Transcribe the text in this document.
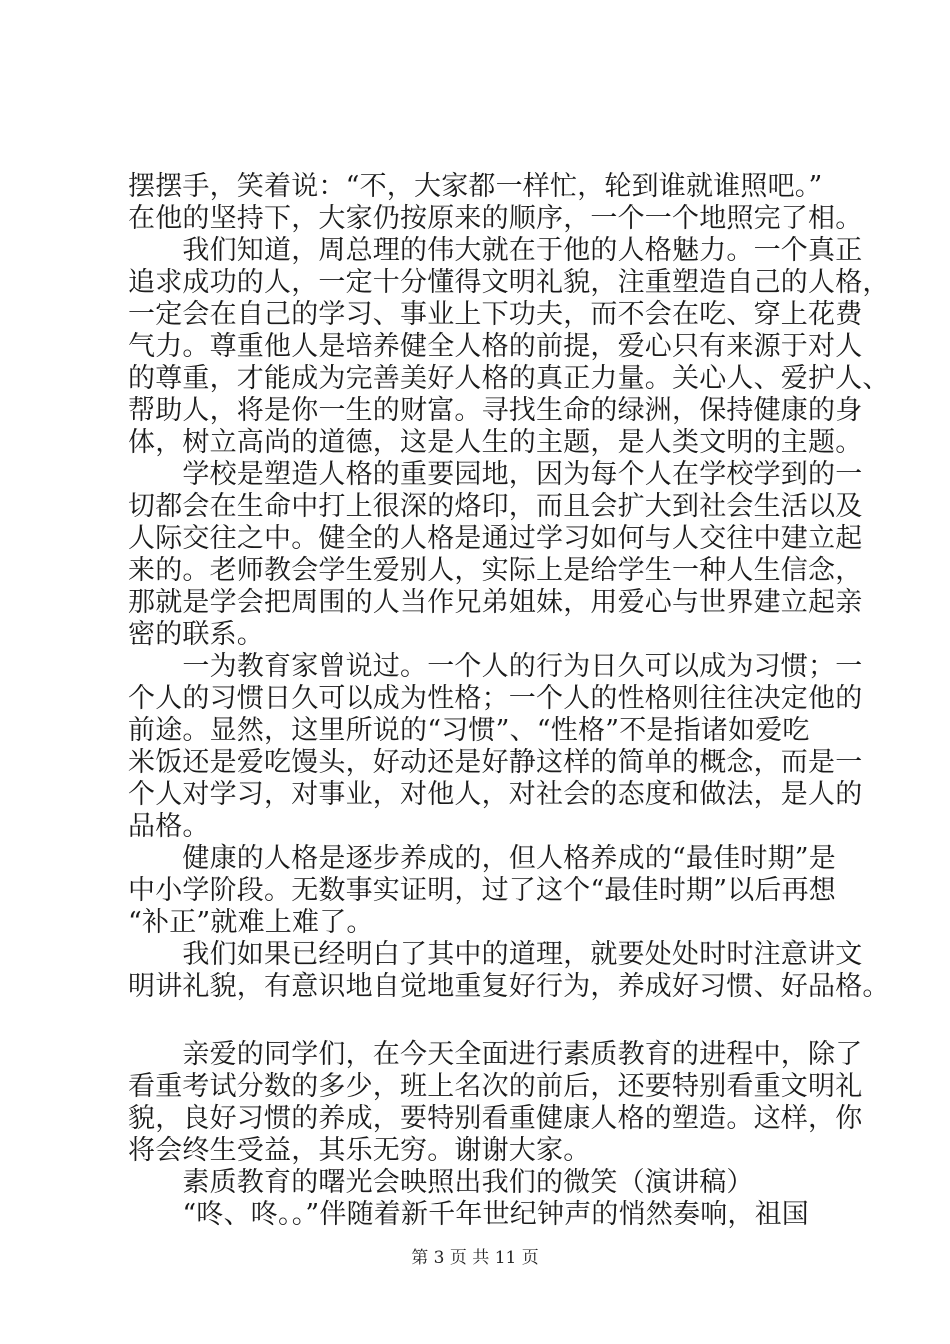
摆摆手，笑着说：“不，大家都一样忙，轮到谁就谁照吧。”
在他的坚持下，大家仍按原来的顺序，一个一个地照完了相。
　　我们知道，周总理的伟大就在于他的人格魅力。一个真正
追求成功的人，一定十分懂得文明礼貌，注重塑造自己的人格，
一定会在自己的学习、事业上下功夫，而不会在吃、穿上花费
气力。尊重他人是培养健全人格的前提，爱心只有来源于对人
的尊重，才能成为完善美好人格的真正力量。关心人、爱护人、
帮助人，将是你一生的财富。寻找生命的绿洲，保持健康的身
体，树立高尚的道德，这是人生的主题，是人类文明的主题。
　　学校是塑造人格的重要园地，因为每个人在学校学到的一
切都会在生命中打上很深的烙印，而且会扩大到社会生活以及
人际交往之中。健全的人格是通过学习如何与人交往中建立起
来的。老师教会学生爱别人，实际上是给学生一种人生信念，
那就是学会把周围的人当作兄弟姐妹，用爱心与世界建立起亲
密的联系。
　　一为教育家曾说过。一个人的行为日久可以成为习惯；一
个人的习惯日久可以成为性格；一个人的性格则往往决定他的
前途。显然，这里所说的“习惯”、“性格”不是指诸如爱吃
米饭还是爱吃馒头，好动还是好静这样的简单的概念，而是一
个人对学习，对事业，对他人，对社会的态度和做法，是人的
品格。
　　健康的人格是逐步养成的，但人格养成的“最佳时期”是
中小学阶段。无数事实证明，过了这个“最佳时期”以后再想
“补正”就难上难了。
　　我们如果已经明白了其中的道理，就要处处时时注意讲文
明讲礼貌，有意识地自觉地重复好行为，养成好习惯、好品格。
　　亲爱的同学们，在今天全面进行素质教育的进程中，除了
看重考试分数的多少，班上名次的前后，还要特别看重文明礼
貌，良好习惯的养成，要特别看重健康人格的塑造。这样，你
将会终生受益，其乐无穷。谢谢大家。
　　素质教育的曙光会映照出我们的微笑（演讲稿）
　　“咚、咚。。”伴随着新千年世纪钟声的悄然奏响，祖国
第 3 页 共 11 页
